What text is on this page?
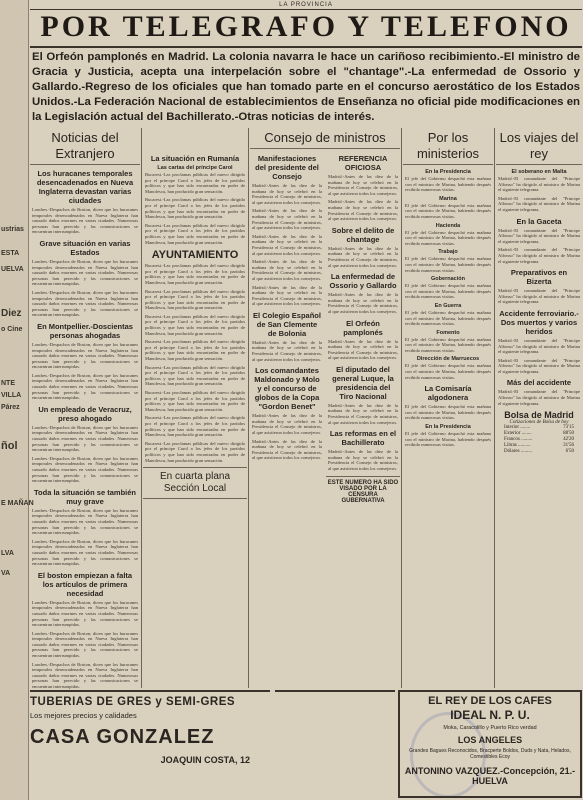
ustrias
ESTA
UELVA
Diez
o Cine
NTE
VILLA
Párez
ñol
E MAÑAN
LVA
VA
LA PROVINCIA
POR TELEGRAFO Y TELEFONO
El Orfeón pamplonés en Madrid. La colonia navarra le hace un cariñoso recibimiento.-El ministro de Gracia y Justicia, acepta una interpelación sobre el "chantage".-La enfermedad de Ossorio y Gallardo.-Regreso de los oficiales que han tomado parte en el concurso aerostático de los Estados Unidos.-La Federación Nacional de establecimientos de Enseñanza no oficial pide modificaciones en la Legislación actual del Bachillerato.-Otras noticias de interés.
Noticias del Extranjero
Los huracanes temporales desencadenados en Nueva Inglaterra devastan varias ciudades
Londres.-Despachos de Boston, dicen que los huracanes temporales desencadenados en Nueva Inglaterra han causado daños enormes en varias ciudades. Numerosas personas han perecido y las comunicaciones se encuentran interrumpidas.
Grave situación en varias Estados
Londres.-Despachos de Boston, dicen que los huracanes temporales desencadenados en Nueva Inglaterra han causado daños enormes en varias ciudades. Numerosas personas han perecido y las comunicaciones se encuentran interrumpidas.
Londres.-Despachos de Boston, dicen que los huracanes temporales desencadenados en Nueva Inglaterra han causado daños enormes en varias ciudades. Numerosas personas han perecido y las comunicaciones se encuentran interrumpidas.
En Montpellier.-Doscientas personas ahogadas
Londres.-Despachos de Boston, dicen que los huracanes temporales desencadenados en Nueva Inglaterra han causado daños enormes en varias ciudades. Numerosas personas han perecido y las comunicaciones se encuentran interrumpidas.
Londres.-Despachos de Boston, dicen que los huracanes temporales desencadenados en Nueva Inglaterra han causado daños enormes en varias ciudades. Numerosas personas han perecido y las comunicaciones se encuentran interrumpidas.
Un empleado de Veracruz, preso ahogado
Londres.-Despachos de Boston, dicen que los huracanes temporales desencadenados en Nueva Inglaterra han causado daños enormes en varias ciudades. Numerosas personas han perecido y las comunicaciones se encuentran interrumpidas.
Londres.-Despachos de Boston, dicen que los huracanes temporales desencadenados en Nueva Inglaterra han causado daños enormes en varias ciudades. Numerosas personas han perecido y las comunicaciones se encuentran interrumpidas.
Toda la situación se también muy grave
Londres.-Despachos de Boston, dicen que los huracanes temporales desencadenados en Nueva Inglaterra han causado daños enormes en varias ciudades. Numerosas personas han perecido y las comunicaciones se encuentran interrumpidas.
Londres.-Despachos de Boston, dicen que los huracanes temporales desencadenados en Nueva Inglaterra han causado daños enormes en varias ciudades. Numerosas personas han perecido y las comunicaciones se encuentran interrumpidas.
El boston empiezan a falta los artículos de primera necesidad
Londres.-Despachos de Boston, dicen que los huracanes temporales desencadenados en Nueva Inglaterra han causado daños enormes en varias ciudades. Numerosas personas han perecido y las comunicaciones se encuentran interrumpidas.
Londres.-Despachos de Boston, dicen que los huracanes temporales desencadenados en Nueva Inglaterra han causado daños enormes en varias ciudades. Numerosas personas han perecido y las comunicaciones se encuentran interrumpidas.
Londres.-Despachos de Boston, dicen que los huracanes temporales desencadenados en Nueva Inglaterra han causado daños enormes en varias ciudades. Numerosas personas han perecido y las comunicaciones se encuentran interrumpidas.
La situación en Rumanía
Las cartas del príncipe Carol
Bucarest.-Las proclamas públicas del nuevo dirigido por el príncipe Carol a los jefes de los partidos políticos y que han sido encontradas en poder de Manolescu, han producido gran sensación.
Bucarest.-Las proclamas públicas del nuevo dirigido por el príncipe Carol a los jefes de los partidos políticos y que han sido encontradas en poder de Manolescu, han producido gran sensación.
Bucarest.-Las proclamas públicas del nuevo dirigido por el príncipe Carol a los jefes de los partidos políticos y que han sido encontradas en poder de Manolescu, han producido gran sensación.
AYUNTAMIENTO
Bucarest.-Las proclamas públicas del nuevo dirigido por el príncipe Carol a los jefes de los partidos políticos y que han sido encontradas en poder de Manolescu, han producido gran sensación.
Bucarest.-Las proclamas públicas del nuevo dirigido por el príncipe Carol a los jefes de los partidos políticos y que han sido encontradas en poder de Manolescu, han producido gran sensación.
Bucarest.-Las proclamas públicas del nuevo dirigido por el príncipe Carol a los jefes de los partidos políticos y que han sido encontradas en poder de Manolescu, han producido gran sensación.
Bucarest.-Las proclamas públicas del nuevo dirigido por el príncipe Carol a los jefes de los partidos políticos y que han sido encontradas en poder de Manolescu, han producido gran sensación.
Bucarest.-Las proclamas públicas del nuevo dirigido por el príncipe Carol a los jefes de los partidos políticos y que han sido encontradas en poder de Manolescu, han producido gran sensación.
Bucarest.-Las proclamas públicas del nuevo dirigido por el príncipe Carol a los jefes de los partidos políticos y que han sido encontradas en poder de Manolescu, han producido gran sensación.
Bucarest.-Las proclamas públicas del nuevo dirigido por el príncipe Carol a los jefes de los partidos políticos y que han sido encontradas en poder de Manolescu, han producido gran sensación.
Bucarest.-Las proclamas públicas del nuevo dirigido por el príncipe Carol a los jefes de los partidos políticos y que han sido encontradas en poder de Manolescu, han producido gran sensación.
En cuarta plana Sección Local
Consejo de ministros
Manifestaciones del presidente del Consejo
Madrid.-Antes de las diez de la mañana de hoy se celebró en la Presidencia el Consejo de ministros, al que asistieron todos los consejeros.
Madrid.-Antes de las diez de la mañana de hoy se celebró en la Presidencia el Consejo de ministros, al que asistieron todos los consejeros.
Madrid.-Antes de las diez de la mañana de hoy se celebró en la Presidencia el Consejo de ministros, al que asistieron todos los consejeros.
Madrid.-Antes de las diez de la mañana de hoy se celebró en la Presidencia el Consejo de ministros, al que asistieron todos los consejeros.
Madrid.-Antes de las diez de la mañana de hoy se celebró en la Presidencia el Consejo de ministros, al que asistieron todos los consejeros.
El Colegio Español de San Clemente de Bolonia
Madrid.-Antes de las diez de la mañana de hoy se celebró en la Presidencia el Consejo de ministros, al que asistieron todos los consejeros.
Los comandantes Maldonado y Molo y el concurso de globos de la Copa "Gordon Benet"
Madrid.-Antes de las diez de la mañana de hoy se celebró en la Presidencia el Consejo de ministros, al que asistieron todos los consejeros.
Madrid.-Antes de las diez de la mañana de hoy se celebró en la Presidencia el Consejo de ministros, al que asistieron todos los consejeros.
REFERENCIA OFICIOSA
Madrid.-Antes de las diez de la mañana de hoy se celebró en la Presidencia el Consejo de ministros, al que asistieron todos los consejeros.
Madrid.-Antes de las diez de la mañana de hoy se celebró en la Presidencia el Consejo de ministros, al que asistieron todos los consejeros.
Sobre el delito de chantage
Madrid.-Antes de las diez de la mañana de hoy se celebró en la Presidencia el Consejo de ministros, al que asistieron todos los consejeros.
La enfermedad de Ossorio y Gallardo
Madrid.-Antes de las diez de la mañana de hoy se celebró en la Presidencia el Consejo de ministros, al que asistieron todos los consejeros.
El Orfeón pamplonés
Madrid.-Antes de las diez de la mañana de hoy se celebró en la Presidencia el Consejo de ministros, al que asistieron todos los consejeros.
El diputado del general Luque, la presidencia del Tiro Nacional
Madrid.-Antes de las diez de la mañana de hoy se celebró en la Presidencia el Consejo de ministros, al que asistieron todos los consejeros.
Las reformas en el Bachillerato
Madrid.-Antes de las diez de la mañana de hoy se celebró en la Presidencia el Consejo de ministros, al que asistieron todos los consejeros.
ESTE NUMERO HA SIDO VISADO POR LA CENSURA GUBERNATIVA
Por los ministerios
En la Presidencia
El jefe del Gobierno despachó esta mañana con el ministro de Marina, habiendo después recibido numerosas visitas.
Marina
El jefe del Gobierno despachó esta mañana con el ministro de Marina, habiendo después recibido numerosas visitas.
Hacienda
El jefe del Gobierno despachó esta mañana con el ministro de Marina, habiendo después recibido numerosas visitas.
Trabajo
El jefe del Gobierno despachó esta mañana con el ministro de Marina, habiendo después recibido numerosas visitas.
Gobernación
El jefe del Gobierno despachó esta mañana con el ministro de Marina, habiendo después recibido numerosas visitas.
En Guerra
El jefe del Gobierno despachó esta mañana con el ministro de Marina, habiendo después recibido numerosas visitas.
Fomento
El jefe del Gobierno despachó esta mañana con el ministro de Marina, habiendo después recibido numerosas visitas.
Dirección de Marruecos
El jefe del Gobierno despachó esta mañana con el ministro de Marina, habiendo después recibido numerosas visitas.
La Comisaría algodonera
El jefe del Gobierno despachó esta mañana con el ministro de Marina, habiendo después recibido numerosas visitas.
En la Presidencia
El jefe del Gobierno despachó esta mañana con el ministro de Marina, habiendo después recibido numerosas visitas.
Los viajes del rey
El soberano en Malta
Madrid.-El comandante del "Principe Alfonso" ha dirigido al ministro de Marina el siguiente telegrama.
Madrid.-El comandante del "Principe Alfonso" ha dirigido al ministro de Marina el siguiente telegrama.
En la Gaceta
Madrid.-El comandante del "Principe Alfonso" ha dirigido al ministro de Marina el siguiente telegrama.
Madrid.-El comandante del "Principe Alfonso" ha dirigido al ministro de Marina el siguiente telegrama.
Preparativos en Bizerta
Madrid.-El comandante del "Principe Alfonso" ha dirigido al ministro de Marina el siguiente telegrama.
Accidente ferroviario.-Dos muertos y varios heridos
Madrid.-El comandante del "Principe Alfonso" ha dirigido al ministro de Marina el siguiente telegrama.
Madrid.-El comandante del "Principe Alfonso" ha dirigido al ministro de Marina el siguiente telegrama.
Más del accidente
Madrid.-El comandante del "Principe Alfonso" ha dirigido al ministro de Marina el siguiente telegrama.
Bolsa de Madrid
Cotizaciones de Bolsa de hoy
Interior ........	73'15
Exterior ........	88'50
Francos .........	42'20
Libras ..........	31'56
Dólares .........	6'50
TUBERIAS DE GRES y SEMI-GRES
Los mejores precios y calidades
CASA GONZALEZ
JOAQUIN COSTA, 12
EL REY DE LOS CAFES
IDEAL N. P. U.
Moka, Caracolillo y Puerto Rico verdad
LOS ANGELES
Grandes Bagues Reconocidos, Bracperte Boldos, Duds y Nata, Helados, Comestibles Ecoy
ANTONINO VAZQUEZ.-Concepción, 21.-HUELVA
